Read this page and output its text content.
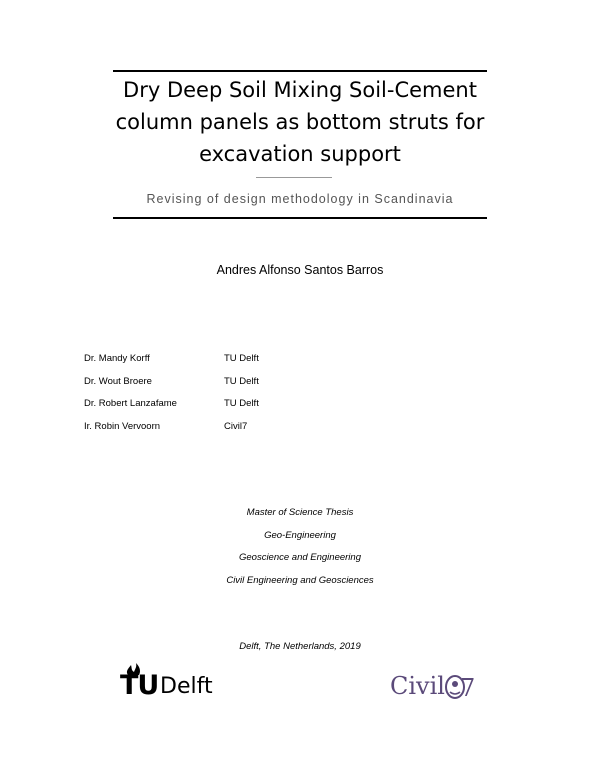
Dry Deep Soil Mixing Soil-Cement
column panels as bottom struts for
excavation support
Revising of design methodology in Scandinavia
Andres Alfonso Santos Barros
Dr. Mandy Korff	TU Delft
Dr. Wout Broere	TU Delft
Dr. Robert Lanzafame	TU Delft
Ir. Robin Vervoorn	Civil7
Master of Science Thesis
Geo-Engineering
Geoscience and Engineering
Civil Engineering and Geosciences
Delft, The Netherlands, 2019
TU Delft	Civil 7
